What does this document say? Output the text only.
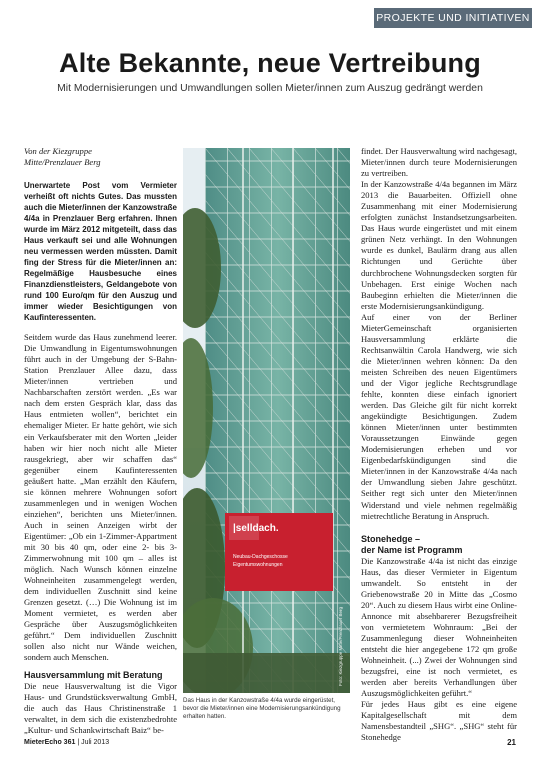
PROJEKTE UND INITIATIVEN
Alte Bekannte, neue Vertreibung
Mit Modernisierungen und Umwandlungen sollen Mieter/innen zum Auszug gedrängt werden
Von der Kiezgruppe
Mitte/Prenzlauer Berg

Unerwartete Post vom Vermieter verheißt oft nichts Gutes. Das mussten auch die Mieter/innen der Kanzowstraße 4/4a in Prenzlauer Berg erfahren. Ihnen wurde im März 2012 mitgeteilt, dass das Haus verkauft sei und alle Wohnungen neu vermessen werden müssten. Damit fing der Stress für die Mieter/innen an: Regelmäßige Hausbesuche eines Finanzdienstleisters, Geldangebote von rund 100 Euro/qm für den Auszug und immer wieder Besichtigungen von Kaufinteressenten.

Seitdem wurde das Haus zunehmend leerer. Die Umwandlung in Eigentumswohnungen führt auch in der Umgebung der S-Bahn-Station Prenzlauer Allee dazu, dass Mieter/innen vertrieben und Nachbarschaften zerstört werden. „Es war nach dem ersten Gespräch klar, dass das Haus entmieten wollen“, berichtet ein ehemaliger Mieter. Er hatte gehört, wie sich ein Verkaufsberater mit den Worten „leider haben wir hier noch nicht alle Mieter rausgekriegt, aber wir schaffen das“ gegenüber einem Kaufinteressenten geäußert hatte. „Man erzählt den Käufern, sie können mehrere Wohnungen sofort zusammenlegen und in wenigen Wochen einziehen“, berichten uns Mieter/innen. Auch in seinen Anzeigen wirbt der Eigentümer: „Ob ein 1-Zimmer-Appartment mit 30 bis 40 qm, oder eine 2- bis 3-Zimmerwohnung mit 100 qm – alles ist möglich. Nach Wunsch können einzelne Wohneinheiten zusammengelegt werden, dem individuellen Zuschnitt sind keine Grenzen gesetzt. (…) Die Wohnung ist im Moment vermietet, es werden aber Gespräche über Auszugsmöglichkeiten geführt.“ Dem individuellen Zuschnitt sollen also nicht nur Wände weichen, sondern auch Menschen.

Hausversammlung mit Beratung

Die neue Hausverwaltung ist die Vigor Haus- und Grundstücksverwaltung GmbH, die auch das Haus Christinenstraße 1 verwaltet, in dem sich die existenzbedrohte „Kultur- und Schankwirtschaft Baiz“ be-

|selldach.
Neubau-Dachgeschosse
Eigentumswohnungen
Foto: Kiezgruppe Mitte/Prenzlauer Berg
Das Haus in der Kanzowstraße 4/4a wurde eingerüstet, bevor die Mieter/innen eine Modernisierungsankündigung erhalten hatten.

findet. Der Hausverwaltung wird nachgesagt, Mieter/innen durch teure Modernisierungen zu vertreiben.

In der Kanzowstraße 4/4a begannen im März 2013 die Bauarbeiten. Offiziell ohne Zusammenhang mit einer Modernisierung erfolgten zunächst Instandsetzungsarbeiten. Das Haus wurde eingerüstet und mit einem grünen Netz verhängt. In den Wohnungen wurde es dunkel, Baulärm drang aus allen Richtungen und Gerüchte über durchbrochene Wohnungsdecken sorgten für Unbehagen. Erst einige Wochen nach Baubeginn erhielten die Mieter/innen die erste Modernisierungsankündigung.

Auf einer von der Berliner MieterGemeinschaft organisierten Hausversammlung erklärte die Rechtsanwältin Carola Handwerg, wie sich die Mieter/innen wehren können: Da den meisten Schreiben des neuen Eigentümers und der Vigor jegliche Rechtsgrundlage fehlte, konnten diese einfach ignoriert werden. Das Gleiche gilt für nicht korrekt angekündigte Besichtigungen. Zudem können Mieter/innen unter bestimmten Voraussetzungen Einwände gegen Modernisierungen erheben und vor Eigenbedarfskündigungen sind die Mieter/innen in der Kanzowstraße 4/4a nach der Umwandlung sieben Jahre geschützt. Seither regt sich unter den Mieter/innen Widerstand und viele nehmen regelmäßig mietrechtliche Beratung in Anspruch.

Stonehedge –
der Name ist Programm

Die Kanzowstraße 4/4a ist nicht das einzige Haus, das dieser Vermieter in Eigentum umwandelt. So entsteht in der Griebenowstraße 20 in Mitte das „Cosmo 20“. Auch zu diesem Haus wirbt eine Online-Annonce mit absehbarerer Bezugsfreiheit von vermietetem Wohnraum: „Bei der Zusammenlegung dieser Wohneinheiten entsteht die hier angegebene 172 qm große Wohneinheit. (...) Zwei der Wohnungen sind bezugsfrei, eine ist noch vermietet, es werden aber bereits Verhandlungen über Auszugsmöglichkeiten geführt.“

Für jedes Haus gibt es eine eigene Kapitalgesellschaft mit dem Namensbestandteil „SHG“. „SHG“ steht für Stonehedge

MieterEcho 361 | Juli 2013	21
